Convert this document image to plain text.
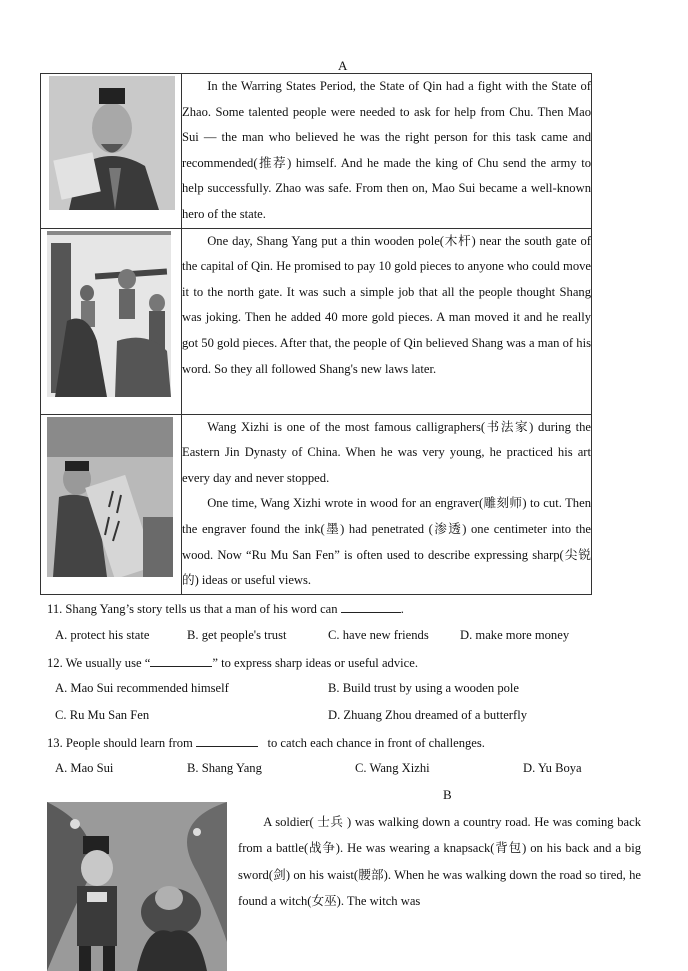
A

In the Warring States Period, the State of Qin had a fight with the State of Zhao. Some talented people were needed to ask for help from Chu. Then Mao Sui — the man who believed he was the right person for this task came and recommended(推荐) himself. And he made the king of Chu send the army to help successfully. Zhao was safe. From then on, Mao Sui became a well-known hero of the state.

One day, Shang Yang put a thin wooden pole(木杆) near the south gate of the capital of Qin. He promised to pay 10 gold pieces to anyone who could move it to the north gate. It was such a simple job that all the people thought Shang was joking. Then he added 40 more gold pieces. A man moved it and he really got 50 gold pieces. After that, the people of Qin believed Shang was a man of his word. So they all followed Shang's new laws later.

Wang Xizhi is one of the most famous calligraphers(书法家) during the Eastern Jin Dynasty of China. When he was very young, he practiced his art every day and never stopped.

One time, Wang Xizhi wrote in wood for an engraver(雕刻师) to cut. Then the engraver found the ink(墨) had penetrated (渗透) one centimeter into the wood. Now “Ru Mu San Fen” is often used to describe expressing sharp(尖锐的) ideas or useful views.

11. Shang Yang’s story tells us that a man of his word can	.
A. protect his state	B. get people's trust	C. have new friends D. make more money
12. We usually use “	” to express sharp ideas or useful advice.
A. Mao Sui recommended himself	B. Build trust by using a wooden pole
C. Ru Mu San Fen	D. Zhuang Zhou dreamed of a butterfly
13. People should learn from	to catch each chance in front of challenges.
A. Mao Sui	B. Shang Yang	C. Wang Xizhi	D. Yu Boya
B

A soldier( 士兵 ) was walking down a country road. He was coming back from a battle(战争). He was wearing a knapsack(背包) on his back and a big sword(剑) on his waist(腰部). When he was walking down the road so tired, he found a witch(女巫). The witch was
